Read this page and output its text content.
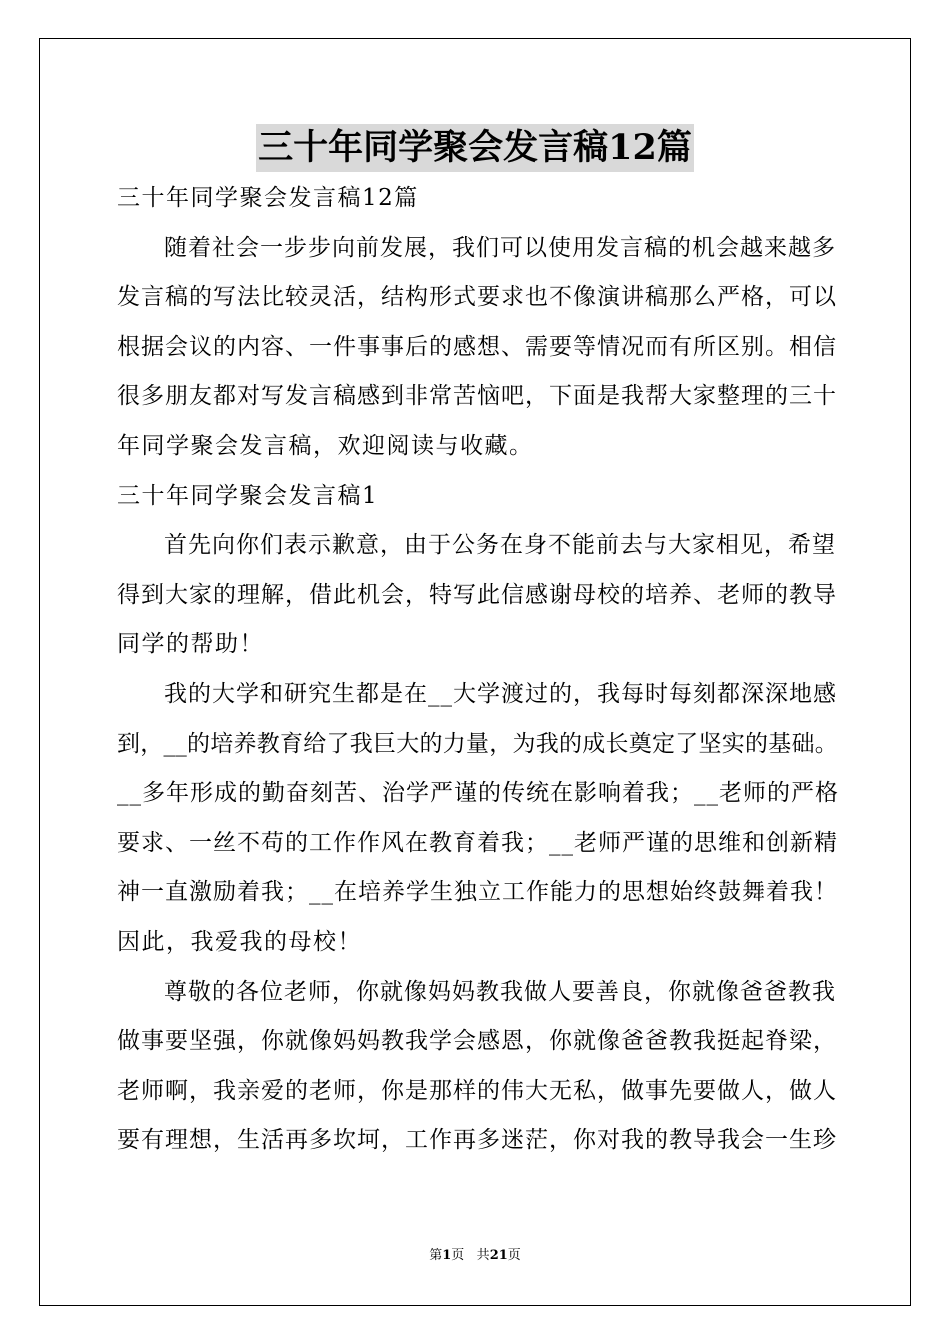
三十年同学聚会发言稿12篇
三十年同学聚会发言稿12篇
随着社会一步步向前发展，我们可以使用发言稿的机会越来越多
发言稿的写法比较灵活，结构形式要求也不像演讲稿那么严格，可以
根据会议的内容、一件事事后的感想、需要等情况而有所区别。相信
很多朋友都对写发言稿感到非常苦恼吧，下面是我帮大家整理的三十
年同学聚会发言稿，欢迎阅读与收藏。
三十年同学聚会发言稿1
首先向你们表示歉意，由于公务在身不能前去与大家相见，希望
得到大家的理解，借此机会，特写此信感谢母校的培养、老师的教导
同学的帮助！
我的大学和研究生都是在__大学渡过的，我每时每刻都深深地感
到，__的培养教育给了我巨大的力量，为我的成长奠定了坚实的基础。
__多年形成的勤奋刻苦、治学严谨的传统在影响着我；__老师的严格
要求、一丝不苟的工作作风在教育着我；__老师严谨的思维和创新精
神一直激励着我；__在培养学生独立工作能力的思想始终鼓舞着我！
因此，我爱我的母校！
尊敬的各位老师，你就像妈妈教我做人要善良，你就像爸爸教我
做事要坚强，你就像妈妈教我学会感恩，你就像爸爸教我挺起脊梁，
老师啊，我亲爱的老师，你是那样的伟大无私，做事先要做人，做人
要有理想，生活再多坎坷，工作再多迷茫，你对我的教导我会一生珍
第1页 共21页
